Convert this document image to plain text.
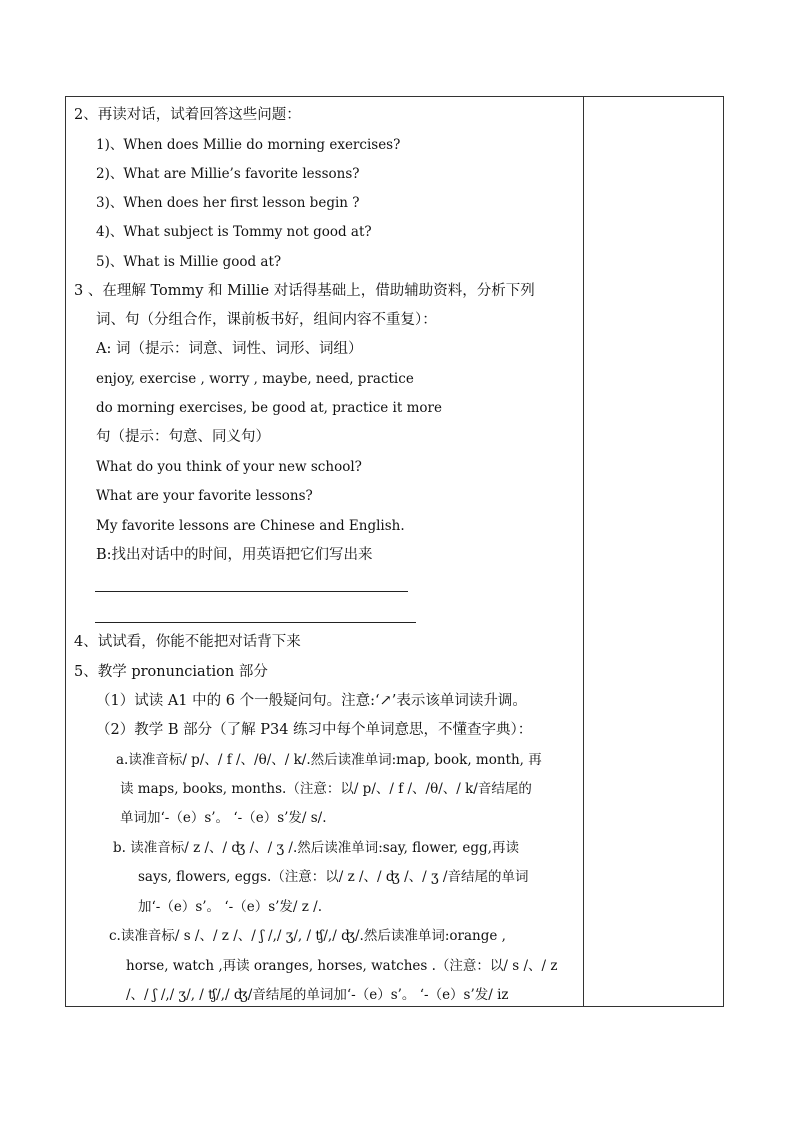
2、再读对话，试着回答这些问题：
1)、When does Millie do morning exercises?
2)、What are Millie’s favorite lessons?
3)、When does her first lesson begin ?
4)、What subject is Tommy not good at?
5)、What is Millie good at?
3 、在理解 Tommy 和 Millie 对话得基础上，借助辅助资料，分析下列
词、句（分组合作，课前板书好，组间内容不重复）：
A: 词（提示：词意、词性、词形、词组）
enjoy, exercise , worry , maybe, need, practice
do morning exercises, be good at, practice it more
句（提示：句意、同义句）
What do you think of your new school?
What are your favorite lessons?
My favorite lessons are Chinese and English.
B:找出对话中的时间，用英语把它们写出来
4、试试看，你能不能把对话背下来
5、教学 pronunciation 部分
（1）试读 A1 中的 6 个一般疑问句。注意:‘↗’表示该单词读升调。
（2）教学 B 部分（了解 P34 练习中每个单词意思，不懂查字典）：
a.读准音标/ p/、/ f /、/θ/、/ k/.然后读准单词:map, book, month, 再
读 maps, books, months.（注意：以/ p/、/ f /、/θ/、/ k/音结尾的
单词加‘-（e）s’。 ‘-（e）s’发/ s/.
b. 读准音标/ z /、/ ʤ /、/ ʒ /.然后读准单词:say, flower, egg,再读
says, flowers, eggs.（注意：以/ z /、/ ʤ /、/ ʒ /音结尾的单词
加‘-（e）s’。 ‘-（e）s’发/ z /.
c.读准音标/ s /、/ z /、/ ʃ /,/ ʒ/, / ʧ/,/ ʤ/.然后读准单词:orange ,
horse, watch ,再读 oranges, horses, watches .（注意：以/ s /、/ z
/、/ ʃ /,/ ʒ/, / ʧ/,/ ʤ/音结尾的单词加‘-（e）s’。 ‘-（e）s’发/ iz
